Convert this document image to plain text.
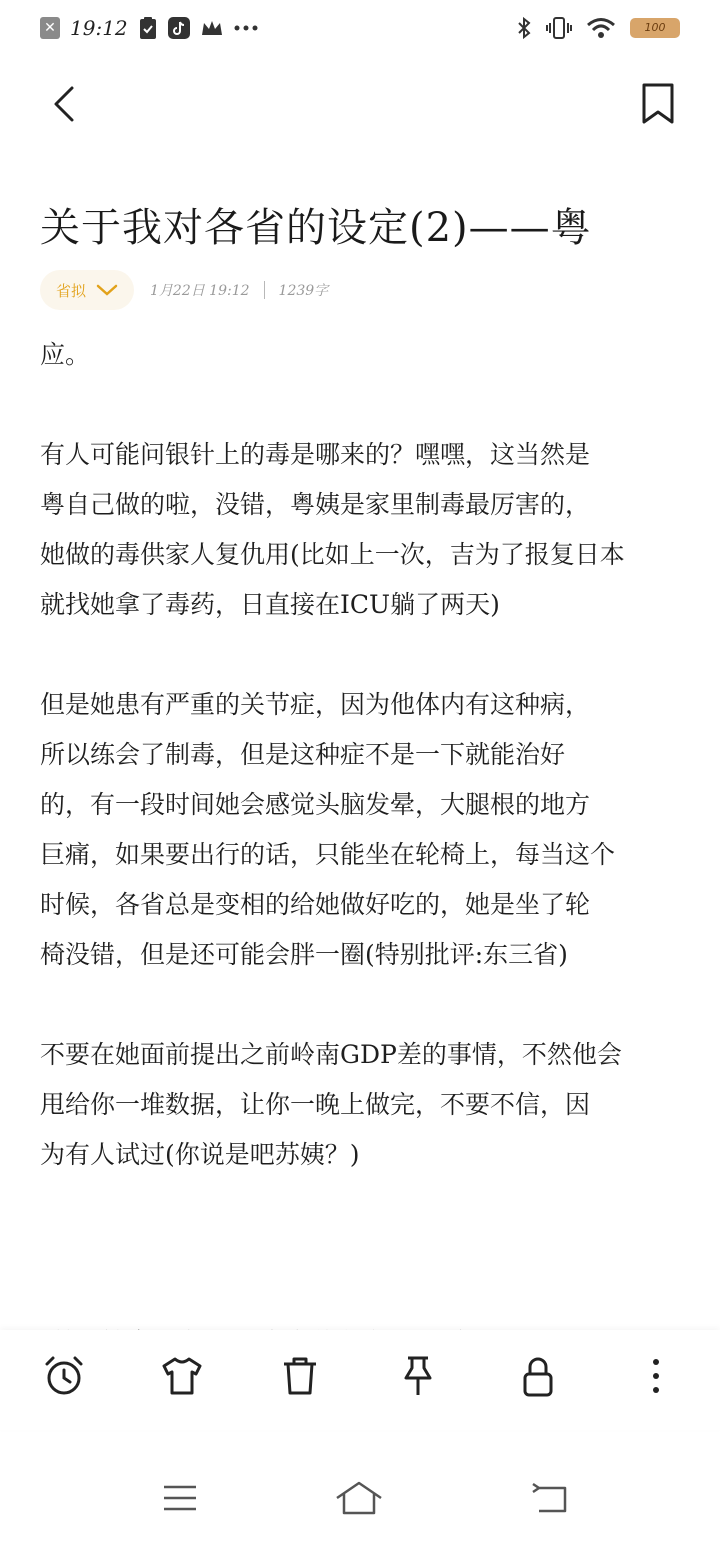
✕ 19:12	100
关于我对各省的设定(2)——粤
省拟	1月22日 19:12 1239字

应。

有人可能问银针上的毒是哪来的？嘿嘿，这当然是

粤自己做的啦，没错，粤姨是家里制毒最厉害的，

她做的毒供家人复仇用(比如上一次，吉为了报复日本

就找她拿了毒药，日直接在ICU躺了两天)

但是她患有严重的关节症，因为他体内有这种病，

所以练会了制毒，但是这种症不是一下就能治好

的，有一段时间她会感觉头脑发晕，大腿根的地方

巨痛，如果要出行的话，只能坐在轮椅上，每当这个

时候，各省总是变相的给她做好吃的，她是坐了轮

椅没错，但是还可能会胖一圈(特别批评:东三省)

不要在她面前提出之前岭南GDP差的事情，不然他会

甩给你一堆数据，让你一晚上做完，不要不信，因

为有人试过(你说是吧苏姨？)
